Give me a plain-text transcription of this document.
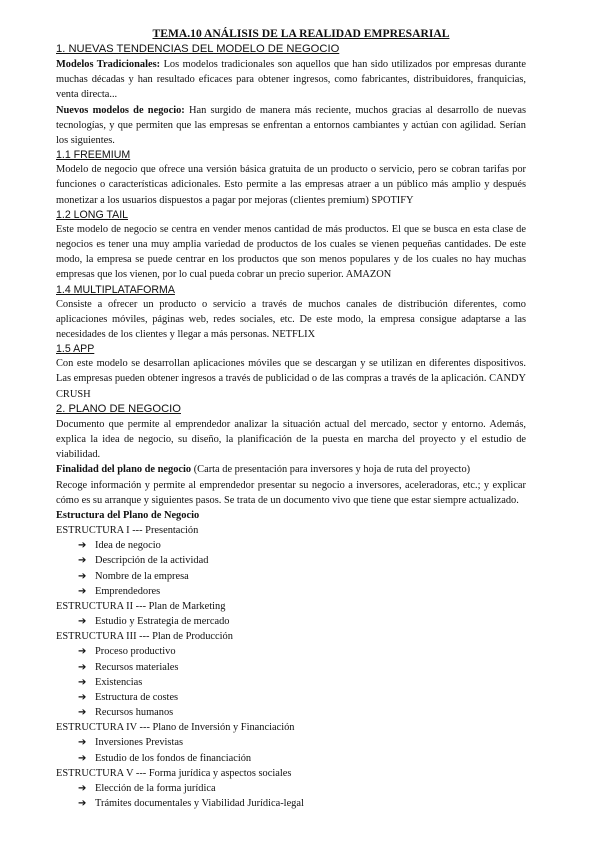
TEMA.10 ANÁLISIS DE LA REALIDAD EMPRESARIAL
1. NUEVAS TENDENCIAS DEL MODELO DE NEGOCIO

Modelos Tradicionales: Los modelos tradicionales son aquellos que han sido utilizados por empresas durante muchas décadas y han resultado eficaces para obtener ingresos, como fabricantes, distribuidores, franquicias, venta directa...

Nuevos modelos de negocio: Han surgido de manera más reciente, muchos gracias al desarrollo de nuevas tecnologías, y que permiten que las empresas se enfrentan a entornos cambiantes y actúan con agilidad. Serían los siguientes.

1.1 FREEMIUM

Modelo de negocio que ofrece una versión básica gratuita de un producto o servicio, pero se cobran tarifas por funciones o características adicionales. Esto permite a las empresas atraer a un público más amplio y después monetizar a los usuarios dispuestos a pagar por mejoras (clientes premium) SPOTIFY

1.2 LONG TAIL

Este modelo de negocio se centra en vender menos cantidad de más productos. El que se busca en esta clase de negocios es tener una muy amplia variedad de productos de los cuales se vienen pequeñas cantidades. De este modo, la empresa se puede centrar en los productos que son menos populares y de los cuales no hay muchas empresas que los vienen, por lo cual pueda cobrar un precio superior. AMAZON

1.4 MULTIPLATAFORMA

Consiste a ofrecer un producto o servicio a través de muchos canales de distribución diferentes, como aplicaciones móviles, páginas web, redes sociales, etc. De este modo, la empresa consigue adaptarse a las necesidades de los clientes y llegar a más personas. NETFLIX

1.5 APP

Con este modelo se desarrollan aplicaciones móviles que se descargan y se utilizan en diferentes dispositivos. Las empresas pueden obtener ingresos a través de publicidad o de las compras a través de la aplicación. CANDY CRUSH

2. PLANO DE NEGOCIO

Documento que permite al emprendedor analizar la situación actual del mercado, sector y entorno. Además, explica la idea de negocio, su diseño, la planificación de la puesta en marcha del proyecto y el estudio de viabilidad.

Finalidad del plano de negocio (Carta de presentación para inversores y hoja de ruta del proyecto)

Recoge información y permite al emprendedor presentar su negocio a inversores, aceleradoras, etc.; y explicar cómo es su arranque y siguientes pasos. Se trata de un documento vivo que tiene que estar siempre actualizado.

Estructura del Plano de Negocio
ESTRUCTURA I --- Presentación
➔ Idea de negocio
➔ Descripción de la actividad
➔ Nombre de la empresa
➔ Emprendedores
ESTRUCTURA II --- Plan de Marketing
➔ Estudio y Estrategia de mercado
ESTRUCTURA III --- Plan de Producción
➔ Proceso productivo
➔ Recursos materiales
➔ Existencias
➔ Estructura de costes
➔ Recursos humanos
ESTRUCTURA IV --- Plano de Inversión y Financiación
➔ Inversiones Previstas
➔ Estudio de los fondos de financiación
ESTRUCTURA V --- Forma jurídica y aspectos sociales
➔ Elección de la forma jurídica
➔ Trámites documentales y Viabilidad Jurídica-legal
